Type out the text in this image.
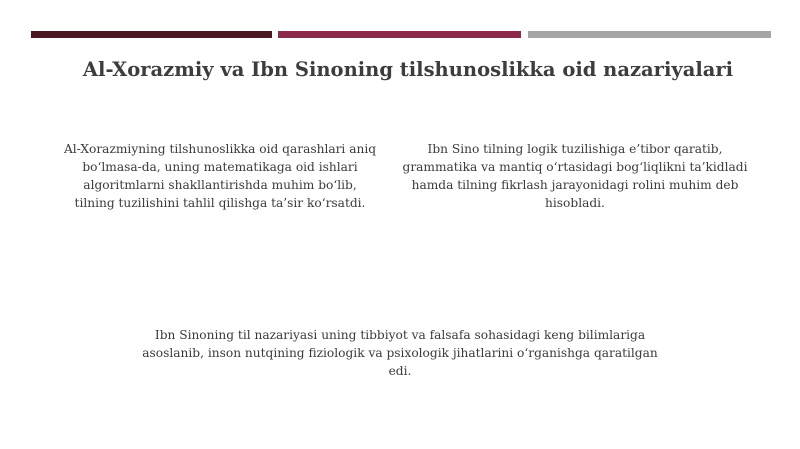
Al-Xorazmiy va Ibn Sinoning tilshunoslikka oid nazariyalari
Al-Xorazmiyning tilshunoslikka oid qarashlari aniq bo‘lmasa-da, uning matematikaga oid ishlari algoritmlarni shakllantirishda muhim bo‘lib, tilning tuzilishini tahlil qilishga ta’sir ko‘rsatdi.
Ibn Sino tilning logik tuzilishiga e’tibor qaratib, grammatika va mantiq o‘rtasidagi bog‘liqlikni ta’kidladi hamda tilning fikrlash jarayonidagi rolini muhim deb hisobladi.
Ibn Sinoning til nazariyasi uning tibbiyot va falsafa sohasidagi keng bilimlariga asoslanib, inson nutqining fiziologik va psixologik jihatlarini o‘rganishga qaratilgan edi.
